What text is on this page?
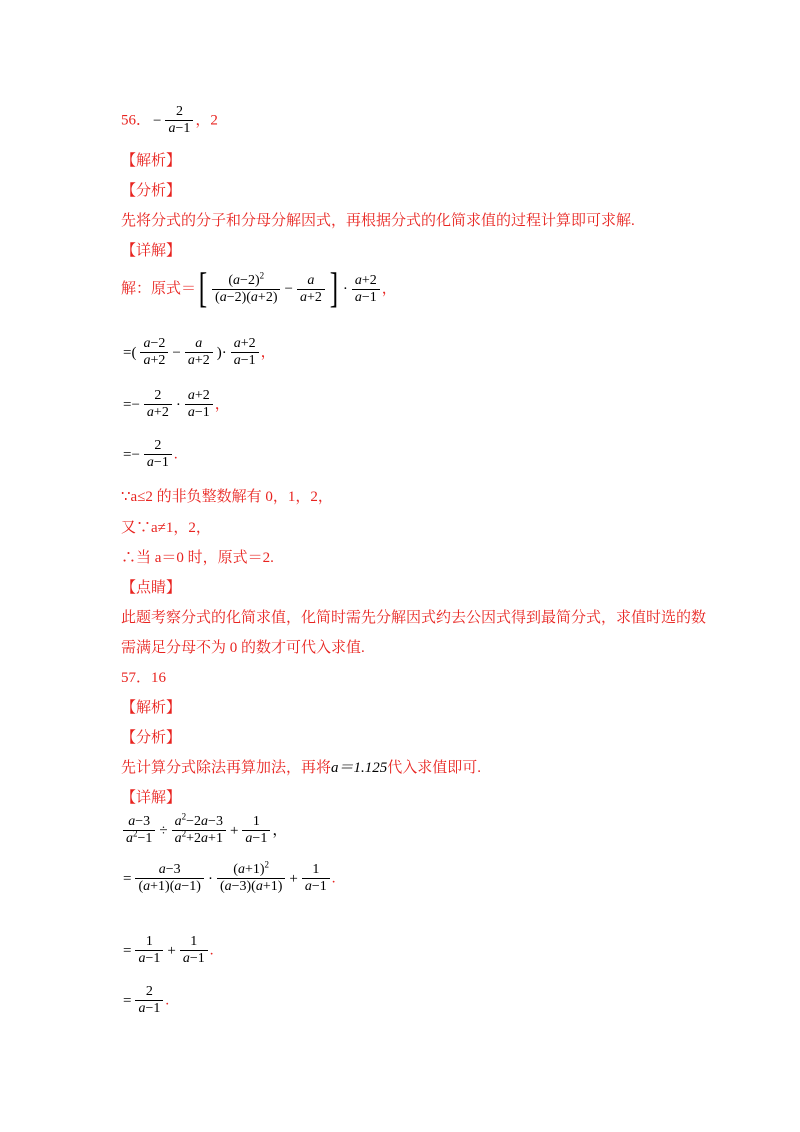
56． − $\frac{2}{a-1}$ ，2
【解析】
【分析】
先将分式的分子和分母分解因式，再根据分式的化简求值的过程计算即可求解.
【详解】
解：原式＝[ $\frac{(a-2)^2}{(a-2)(a+2)} - \frac{a}{a+2}$ ] · $\frac{a+2}{a-1}$ ，
=( $\frac{a-2}{a+2} - \frac{a}{a+2}$ )· $\frac{a+2}{a-1}$ ，
=− $\frac{2}{a+2} \cdot \frac{a+2}{a-1}$ ，
=− $\frac{2}{a-1}$ .
∵a≤2 的非负整数解有 0，1，2，
又∵a≠1，2，
∴当 a＝0 时，原式＝2.
【点睛】
此题考察分式的化简求值，化简时需先分解因式约去公因式得到最简分式，求值时选的数
需满足分母不为 0 的数才可代入求值.
57．16
【解析】
【分析】
先计算分式除法再算加法，再将a＝1.125代入求值即可.
【详解】
$\frac{a-3}{a^2-1} \div \frac{a^2-2a-3}{a^2+2a+1} + \frac{1}{a-1}$ ，
= $\frac{a-3}{(a+1)(a-1)} \cdot \frac{(a+1)^2}{(a-3)(a+1)} + \frac{1}{a-1}$ .
= $\frac{1}{a-1} + \frac{1}{a-1}$ .
= $\frac{2}{a-1}$ .
